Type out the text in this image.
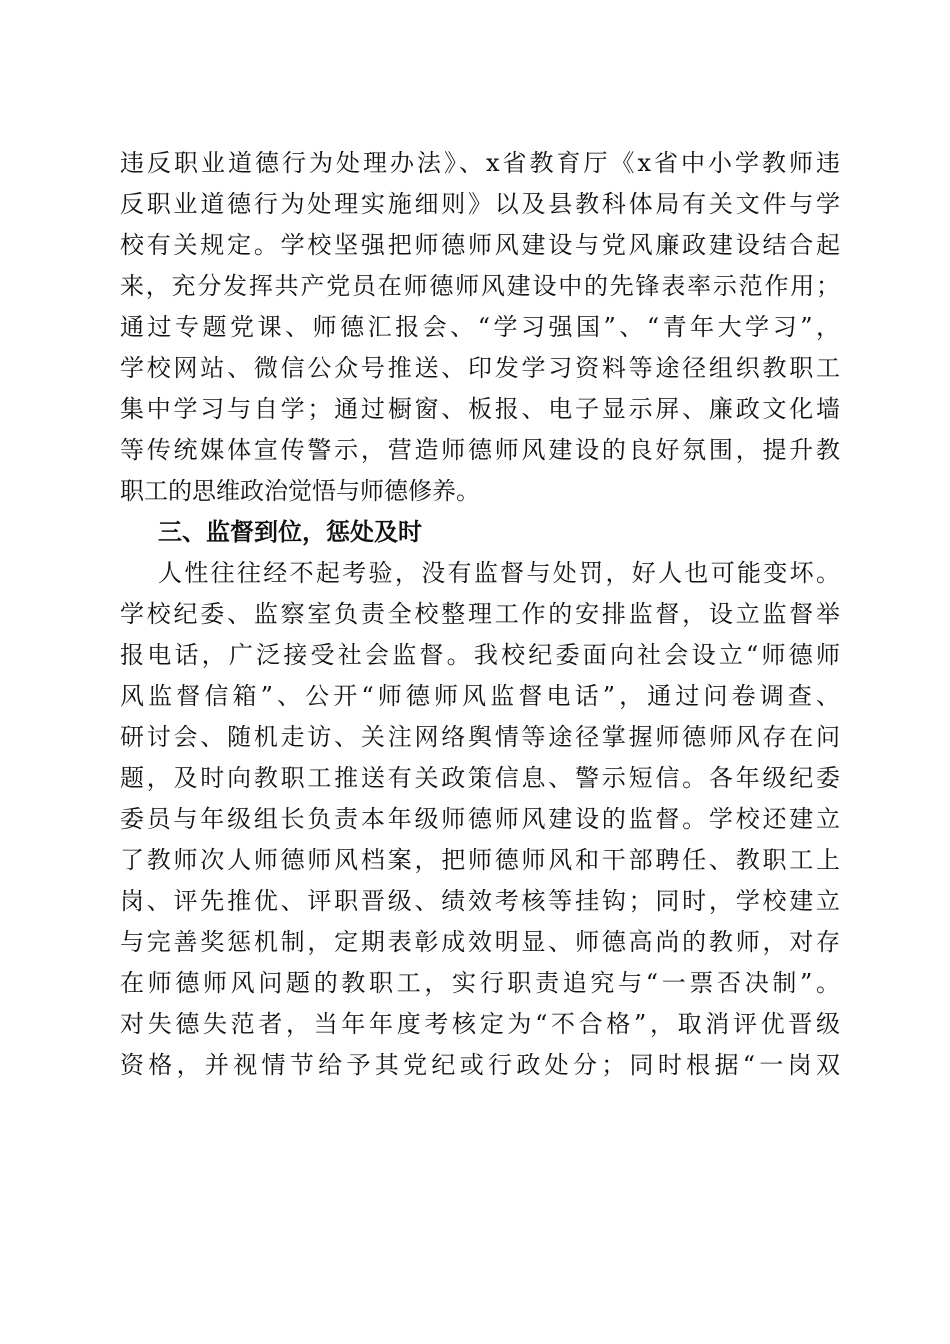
违反职业道德行为处理办法》、x省教育厅《x省中小学教师违
反职业道德行为处理实施细则》以及县教科体局有关文件与学
校有关规定。学校坚强把师德师风建设与党风廉政建设结合起
来，充分发挥共产党员在师德师风建设中的先锋表率示范作用；
通过专题党课、师德汇报会、“学习强国”、“青年大学习”，
学校网站、微信公众号推送、印发学习资料等途径组织教职工
集中学习与自学；通过橱窗、板报、电子显示屏、廉政文化墙
等传统媒体宣传警示，营造师德师风建设的良好氛围，提升教
职工的思维政治觉悟与师德修养。
三、监督到位，惩处及时
人性往往经不起考验，没有监督与处罚，好人也可能变坏。
学校纪委、监察室负责全校整理工作的安排监督，设立监督举
报电话，广泛接受社会监督。我校纪委面向社会设立“师德师
风监督信箱”、公开“师德师风监督电话”，通过问卷调查、
研讨会、随机走访、关注网络舆情等途径掌握师德师风存在问
题，及时向教职工推送有关政策信息、警示短信。各年级纪委
委员与年级组长负责本年级师德师风建设的监督。学校还建立
了教师次人师德师风档案，把师德师风和干部聘任、教职工上
岗、评先推优、评职晋级、绩效考核等挂钩；同时，学校建立
与完善奖惩机制，定期表彰成效明显、师德高尚的教师，对存
在师德师风问题的教职工，实行职责追究与“一票否决制”。
对失德失范者，当年年度考核定为“不合格”，取消评优晋级
资格，并视情节给予其党纪或行政处分；同时根据“一岗双
